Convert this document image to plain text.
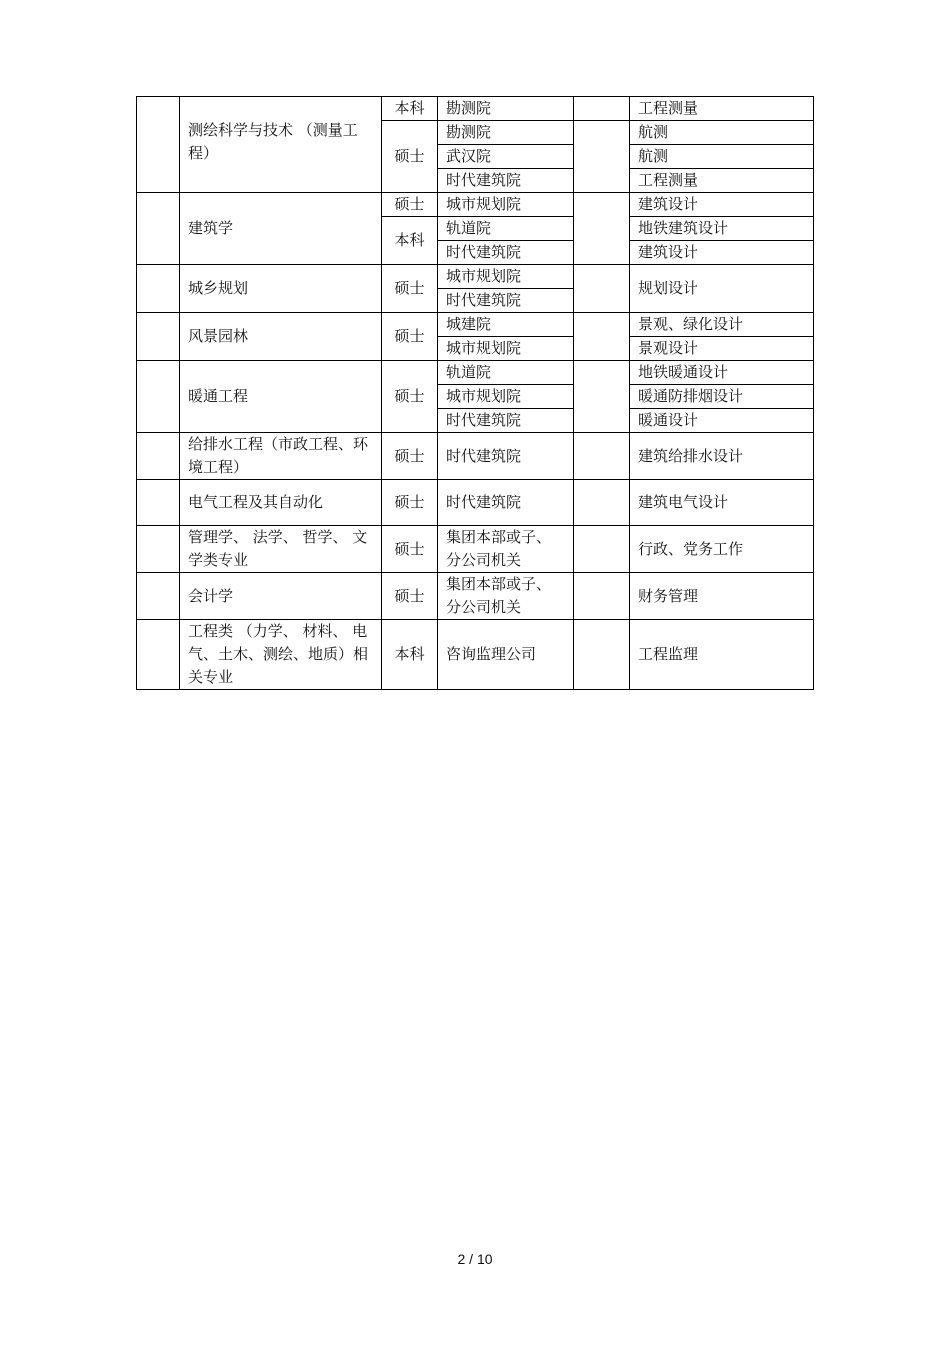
	测绘科学与技术 （测量工程）	本科	勘测院		工程测量
		硕士	勘测院		航测
			武汉院		航测
			时代建筑院		工程测量
	建筑学	硕士	城市规划院		建筑设计
		本科	轨道院		地铁建筑设计
			时代建筑院		建筑设计
	城乡规划	硕士	城市规划院		规划设计
			时代建筑院		
	风景园林	硕士	城建院		景观、绿化设计
			城市规划院		景观设计
	暖通工程	硕士	轨道院		地铁暖通设计
			城市规划院		暖通防排烟设计
			时代建筑院		暖通设计
	给排水工程（市政工程、环境工程）	硕士	时代建筑院		建筑给排水设计
	电气工程及其自动化	硕士	时代建筑院		建筑电气设计
	管理学、 法学、 哲学、 文学类专业	硕士	集团本部或子、分公司机关		行政、党务工作
	会计学	硕士	集团本部或子、分公司机关		财务管理
	工程类 （力学、 材料、 电气、土木、测绘、地质）相关专业	本科	咨询监理公司		工程监理
2 / 10
